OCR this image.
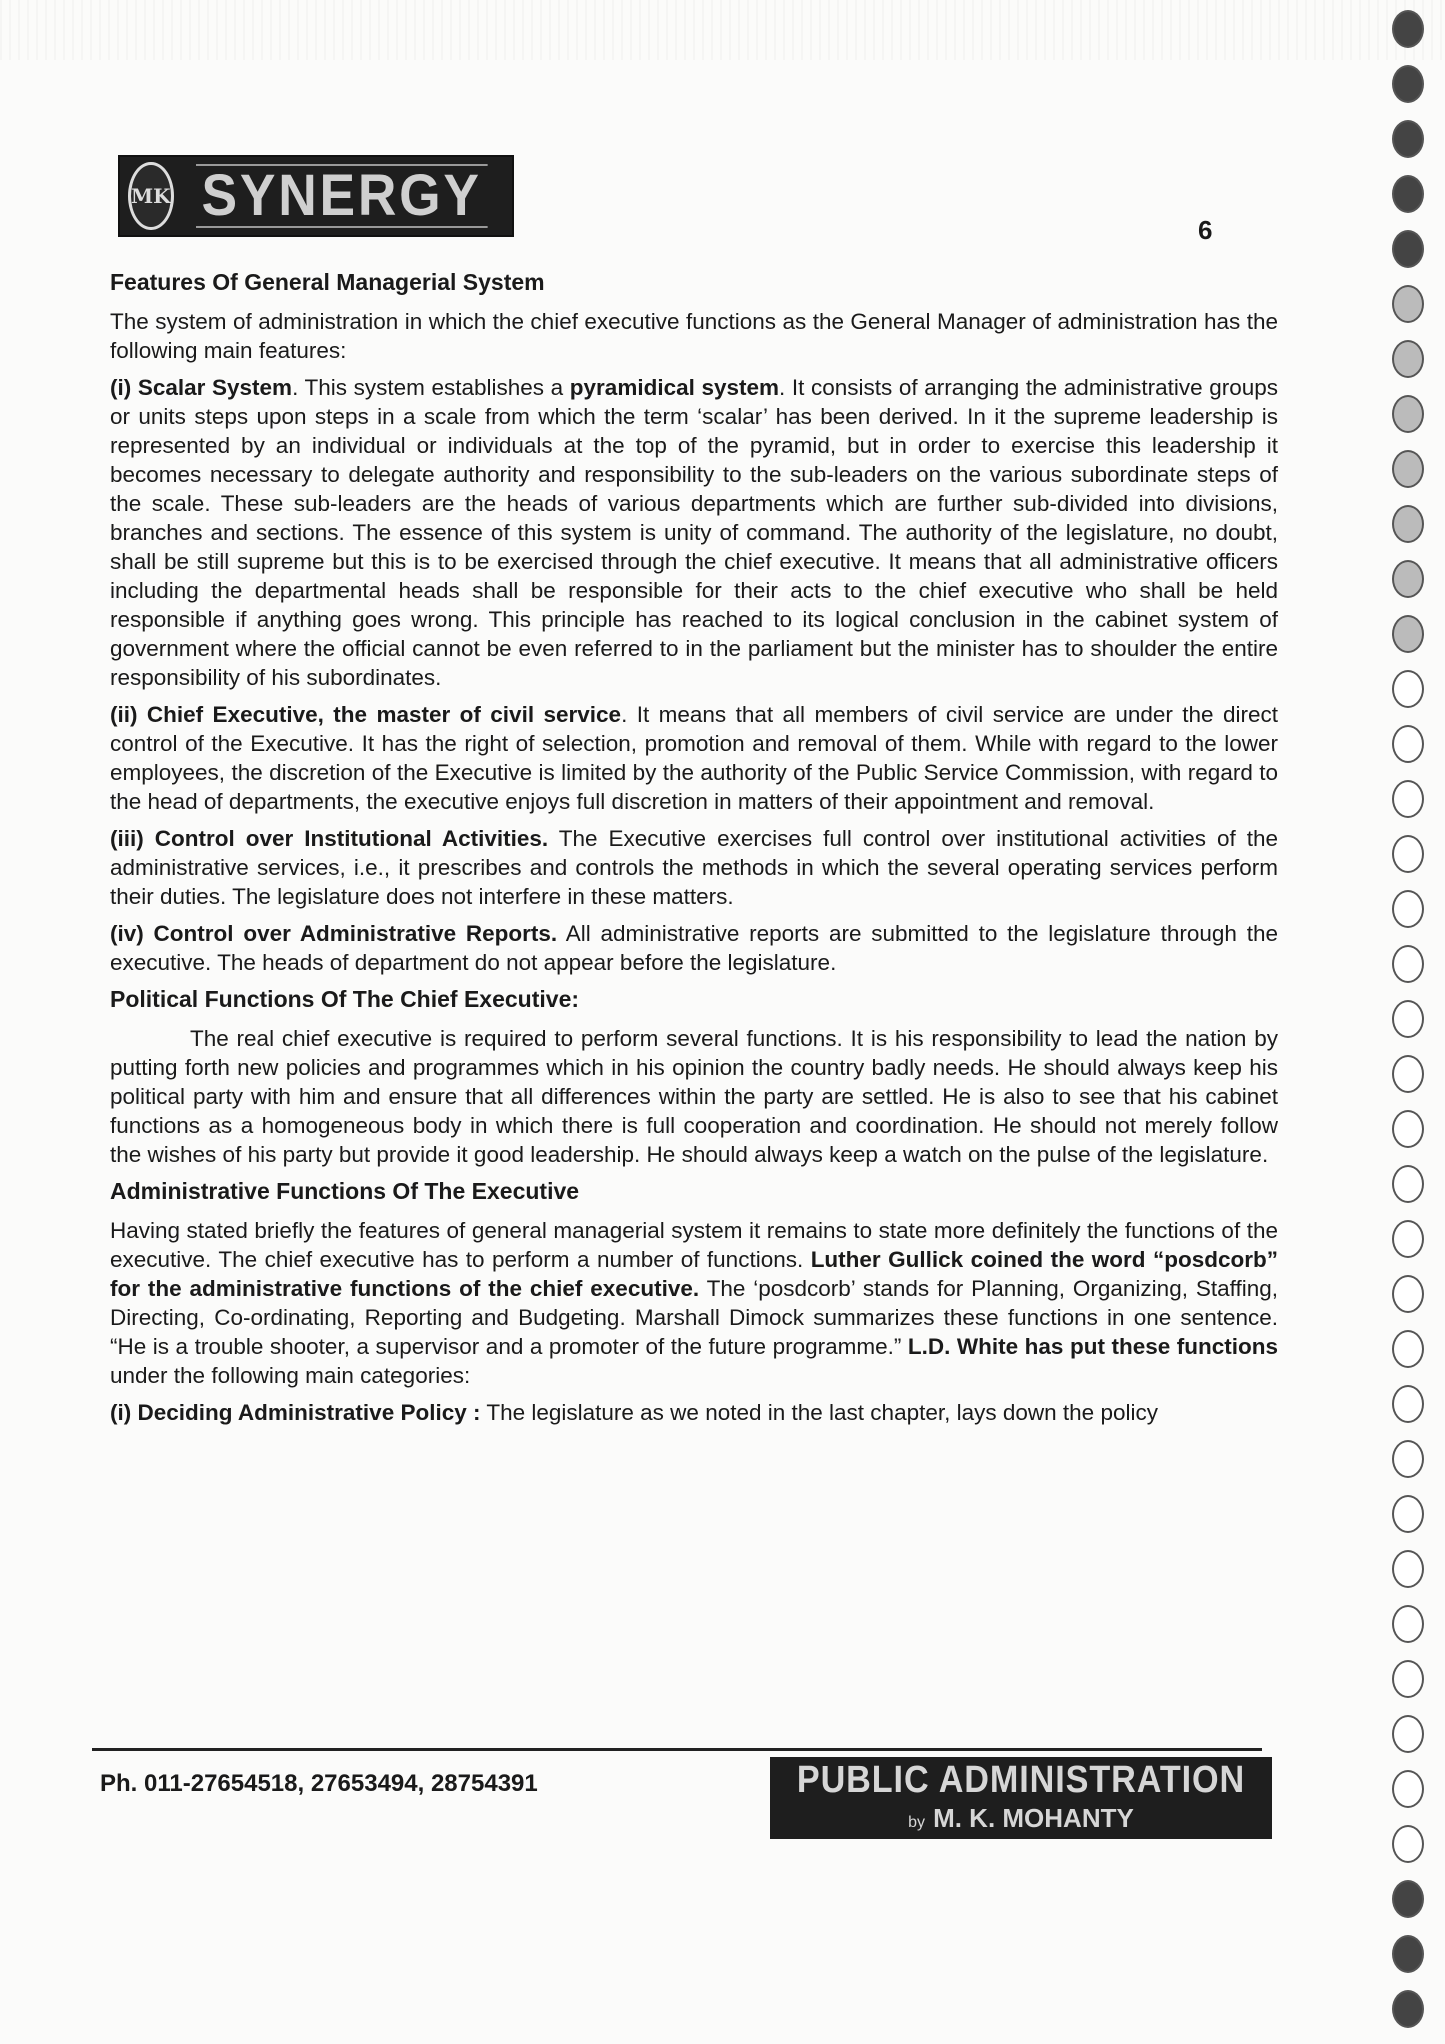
MK SYNERGY
6
Features Of General Managerial System

The system of administration in which the chief executive functions as the General Manager of administration has the following main features:

(i) Scalar System. This system establishes a pyramidical system. It consists of arranging the administrative groups or units steps upon steps in a scale from which the term ‘scalar’ has been derived. In it the supreme leadership is represented by an individual or individuals at the top of the pyramid, but in order to exercise this leadership it becomes necessary to delegate authority and responsibility to the sub-leaders on the various subordinate steps of the scale. These sub-leaders are the heads of various departments which are further sub-divided into divisions, branches and sections. The essence of this system is unity of command. The authority of the legislature, no doubt, shall be still supreme but this is to be exercised through the chief executive. It means that all administrative officers including the departmental heads shall be responsible for their acts to the chief executive who shall be held responsible if anything goes wrong. This principle has reached to its logical conclusion in the cabinet system of government where the official cannot be even referred to in the parliament but the minister has to shoulder the entire responsibility of his subordinates.

(ii) Chief Executive, the master of civil service. It means that all members of civil service are under the direct control of the Executive. It has the right of selection, promotion and removal of them. While with regard to the lower employees, the discretion of the Executive is limited by the authority of the Public Service Commission, with regard to the head of departments, the executive enjoys full discretion in matters of their appointment and removal.

(iii) Control over Institutional Activities. The Executive exercises full control over institutional activities of the administrative services, i.e., it prescribes and controls the methods in which the several operating services perform their duties. The legislature does not interfere in these matters.

(iv) Control over Administrative Reports. All administrative reports are submitted to the legislature through the executive. The heads of department do not appear before the legislature.

Political Functions Of The Chief Executive:

The real chief executive is required to perform several functions. It is his responsibility to lead the nation by putting forth new policies and programmes which in his opinion the country badly needs. He should always keep his political party with him and ensure that all differences within the party are settled. He is also to see that his cabinet functions as a homogeneous body in which there is full cooperation and coordination. He should not merely follow the wishes of his party but provide it good leadership. He should always keep a watch on the pulse of the legislature.

Administrative Functions Of The Executive

Having stated briefly the features of general managerial system it remains to state more definitely the functions of the executive. The chief executive has to perform a number of functions. Luther Gullick coined the word “posdcorb” for the administrative functions of the chief executive. The ‘posdcorb’ stands for Planning, Organizing, Staffing, Directing, Co-ordinating, Reporting and Budgeting. Marshall Dimock summarizes these functions in one sentence. “He is a trouble shooter, a supervisor and a promoter of the future programme.” L.D. White has put these functions under the following main categories:

(i) Deciding Administrative Policy : The legislature as we noted in the last chapter, lays down the policy

Ph. 011-27654518, 27653494, 28754391	PUBLIC ADMINISTRATION
by M. K. MOHANTY
